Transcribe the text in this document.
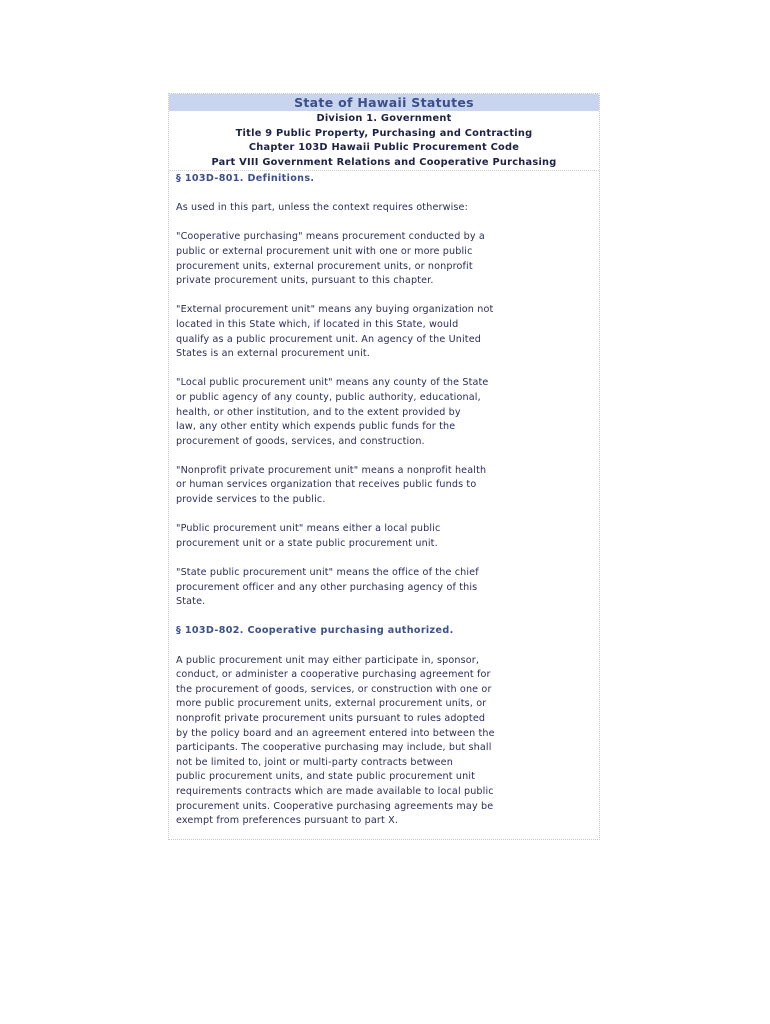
State of Hawaii Statutes
Division 1. Government
Title 9 Public Property, Purchasing and Contracting
Chapter 103D Hawaii Public Procurement Code
Part VIII Government Relations and Cooperative Purchasing
§ 103D-801. Definitions.

As used in this part, unless the context requires otherwise:

"Cooperative purchasing" means procurement conducted by a
public or external procurement unit with one or more public
procurement units, external procurement units, or nonprofit
private procurement units, pursuant to this chapter.

"External procurement unit" means any buying organization not
located in this State which, if located in this State, would
qualify as a public procurement unit. An agency of the United
States is an external procurement unit.

"Local public procurement unit" means any county of the State
or public agency of any county, public authority, educational,
health, or other institution, and to the extent provided by
law, any other entity which expends public funds for the
procurement of goods, services, and construction.

"Nonprofit private procurement unit" means a nonprofit health
or human services organization that receives public funds to
provide services to the public.

"Public procurement unit" means either a local public
procurement unit or a state public procurement unit.

"State public procurement unit" means the office of the chief
procurement officer and any other purchasing agency of this
State.

§ 103D-802. Cooperative purchasing authorized.

A public procurement unit may either participate in, sponsor,
conduct, or administer a cooperative purchasing agreement for
the procurement of goods, services, or construction with one or
more public procurement units, external procurement units, or
nonprofit private procurement units pursuant to rules adopted
by the policy board and an agreement entered into between the
participants. The cooperative purchasing may include, but shall
not be limited to, joint or multi-party contracts between
public procurement units, and state public procurement unit
requirements contracts which are made available to local public
procurement units. Cooperative purchasing agreements may be
exempt from preferences pursuant to part X.
